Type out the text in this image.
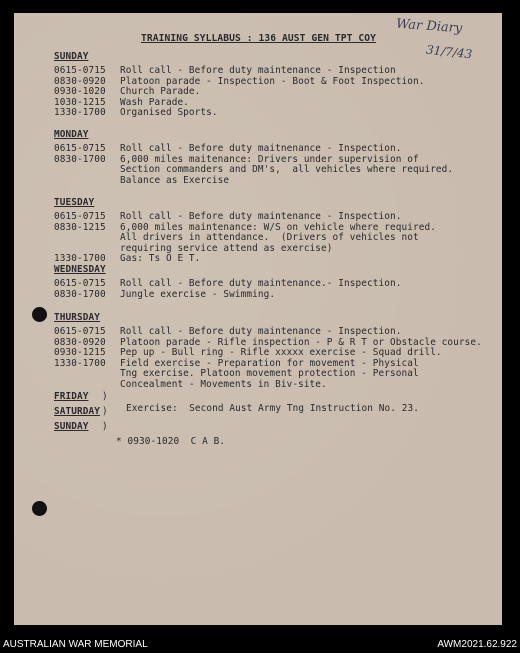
TRAINING SYLLABUS : 136 AUST GEN TPT COY
War Diary
31/7/43
SUNDAY
0615-0715 Roll call - Before duty maintenance - Inspection
0830-0920 Platoon parade - Inspection - Boot & Foot Inspection.
0930-1020 Church Parade.
1030-1215 Wash Parade.
1330-1700 Organised Sports.
MONDAY
0615-0715 Roll call - Before duty maitnenance - Inspection.
0830-1700 6,000 miles maitenance: Drivers under supervision of
Section commanders and DM's,  all vehicles where required.
Balance as Exercise
TUESDAY
0615-0715 Roll call - Before duty maintenance - Inspection.
0830-1215 6,000 miles maintenance: W/S on vehicle where required.
All drivers in attendance.  (Drivers of vehicles not
requiring service attend as exercise)
1330-1700 Gas: Ts O E T.
WEDNESDAY
0615-0715 Roll call - Before duty maintenance.- Inspection.
0830-1700 Jungle exercise - Swimming.
THURSDAY
0615-0715 Roll call - Before duty maintenance - Inspection.
0830-0920 Platoon parade - Rifle inspection - P & R T or Obstacle course.
0930-1215 Pep up - Bull ring - Rifle xxxxx exercise - Squad drill.
1330-1700 Field exercise - Preparation for movement - Physical
Tng exercise. Platoon movement protection - Personal
Concealment - Movements in Biv-site.
FRIDAY
SATURDAY
SUNDAY
)
)
)
Exercise:  Second Aust Army Tng Instruction No. 23.
* 0930-1020  C A B.
AUSTRALIAN WAR MEMORIAL	AWM2021.62.922
